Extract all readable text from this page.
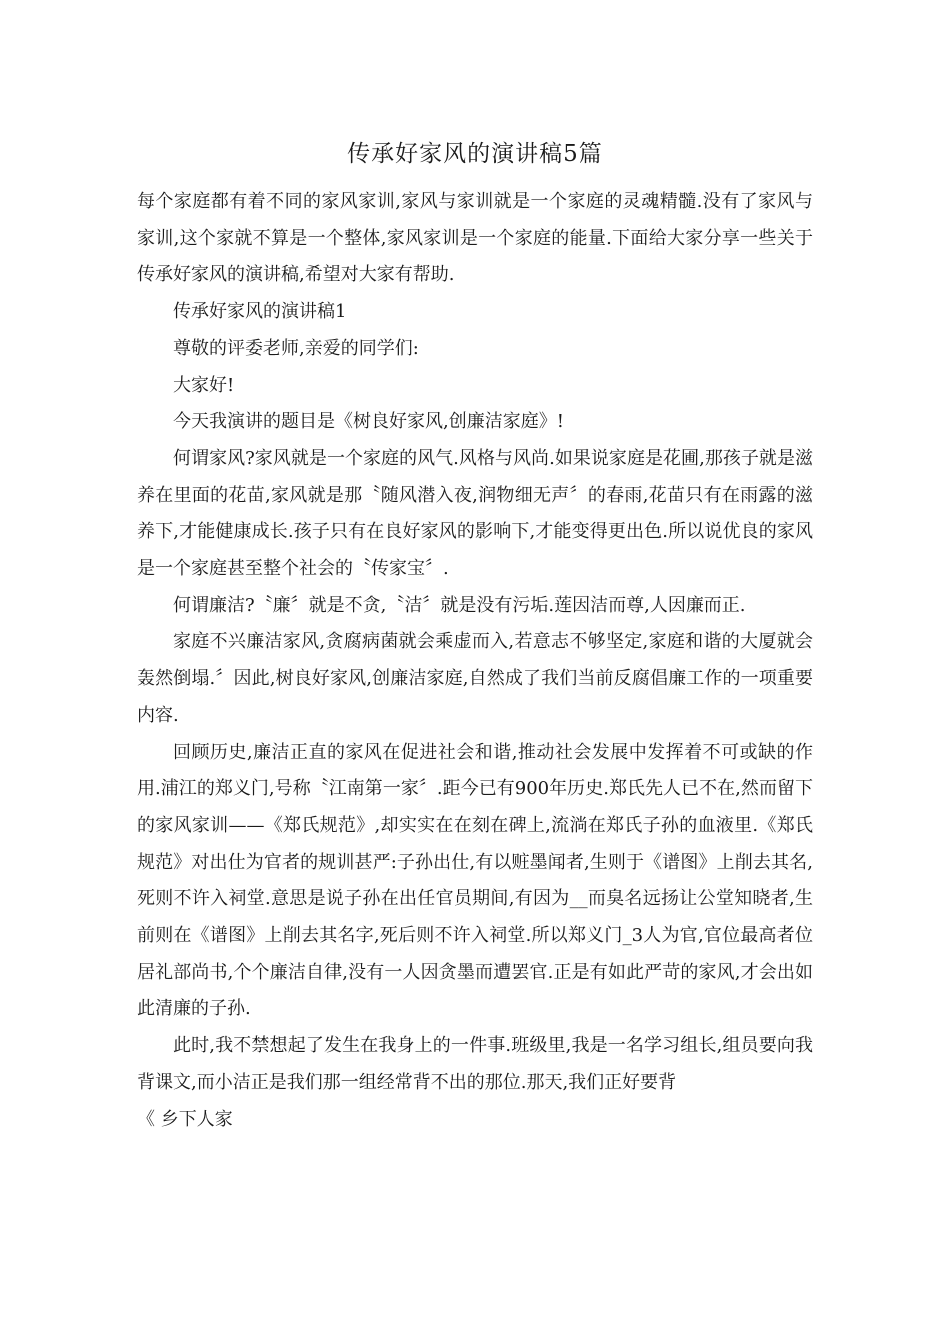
传承好家风的演讲稿5篇

每个家庭都有着不同的家风家训,家风与家训就是一个家庭的灵魂精髓.没有了家风与家训,这个家就不算是一个整体,家风家训是一个家庭的能量.下面给大家分享一些关于传承好家风的演讲稿,希望对大家有帮助.

传承好家风的演讲稿1

尊敬的评委老师,亲爱的同学们:

大家好!

今天我演讲的题目是《树良好家风,创廉洁家庭》!

何谓家风?家风就是一个家庭的风气.风格与风尚.如果说家庭是花圃,那孩子就是滋养在里面的花苗,家风就是那〝随风潜入夜,润物细无声〞的春雨,花苗只有在雨露的滋养下,才能健康成长.孩子只有在良好家风的影响下,才能变得更出色.所以说优良的家风是一个家庭甚至整个社会的〝传家宝〞.

何谓廉洁?〝廉〞就是不贪,〝洁〞就是没有污垢.莲因洁而尊,人因廉而正.

家庭不兴廉洁家风,贪腐病菌就会乘虚而入,若意志不够坚定,家庭和谐的大厦就会轰然倒塌.〞因此,树良好家风,创廉洁家庭,自然成了我们当前反腐倡廉工作的一项重要内容.

回顾历史,廉洁正直的家风在促进社会和谐,推动社会发展中发挥着不可或缺的作用.浦江的郑义门,号称〝江南第一家〞.距今已有900年历史.郑氏先人已不在,然而留下的家风家训——《郑氏规范》,却实实在在刻在碑上,流淌在郑氏子孙的血液里.《郑氏规范》对出仕为官者的规训甚严:子孙出仕,有以赃墨闻者,生则于《谱图》上削去其名,死则不许入祠堂.意思是说子孙在出任官员期间,有因为__而臭名远扬让公堂知晓者,生前则在《谱图》上削去其名字,死后则不许入祠堂.所以郑义门_3人为官,官位最高者位居礼部尚书,个个廉洁自律,没有一人因贪墨而遭罢官.正是有如此严苛的家风,才会出如此清廉的子孙.

此时,我不禁想起了发生在我身上的一件事.班级里,我是一名学习组长,组员要向我背课文,而小洁正是我们那一组经常背不出的那位.那天,我们正好要背

《 乡下人家
